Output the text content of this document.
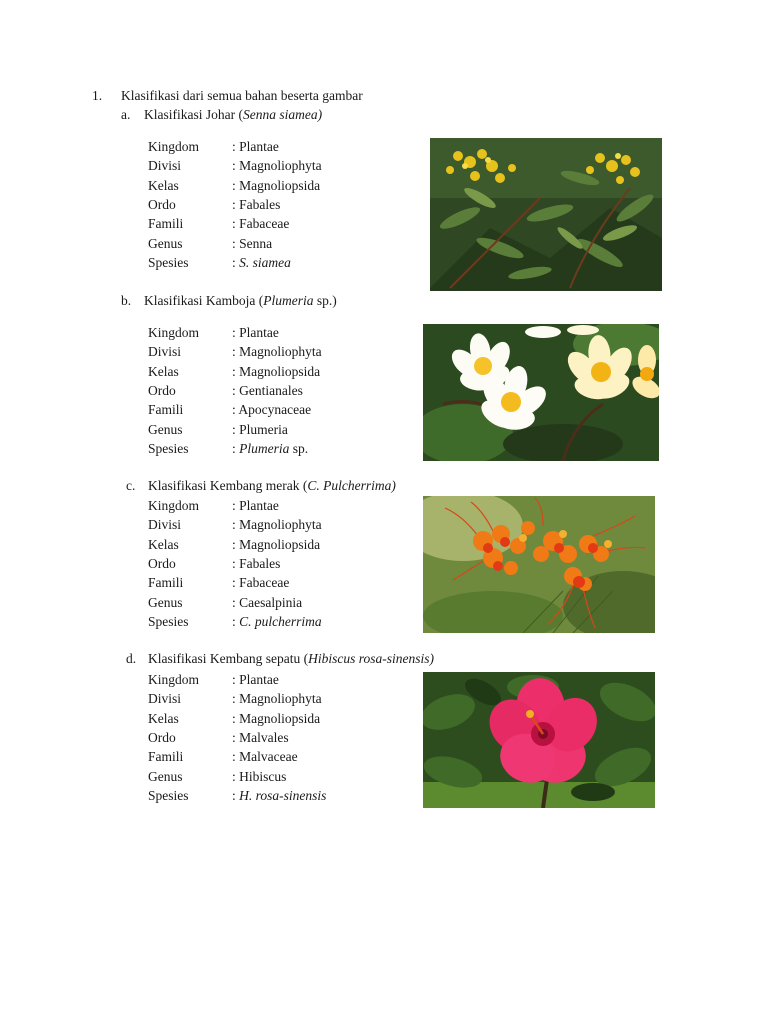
1. Klasifikasi dari semua bahan beserta gambar
a. Klasifikasi Johar (Senna siamea)
Kingdom : Plantae
Divisi	: Magnoliophyta
Kelas	: Magnoliopsida
Ordo	: Fabales
Famili	: Fabaceae
Genus	: Senna
Spesies	: S. siamea
b. Klasifikasi Kamboja (Plumeria sp.)
Kingdom : Plantae
Divisi	: Magnoliophyta
Kelas	: Magnoliopsida
Ordo	: Gentianales
Famili	: Apocynaceae
Genus	: Plumeria
Spesies	: Plumeria sp.
c. Klasifikasi Kembang merak (C. Pulcherrima)
Kingdom : Plantae
Divisi	: Magnoliophyta
Kelas	: Magnoliopsida
Ordo	: Fabales
Famili	: Fabaceae
Genus	: Caesalpinia
Spesies	: C. pulcherrima
d. Klasifikasi Kembang sepatu (Hibiscus rosa-sinensis)
Kingdom : Plantae
Divisi	: Magnoliophyta
Kelas	: Magnoliopsida
Ordo	: Malvales
Famili	: Malvaceae
Genus	: Hibiscus
Spesies	: H. rosa-sinensis
